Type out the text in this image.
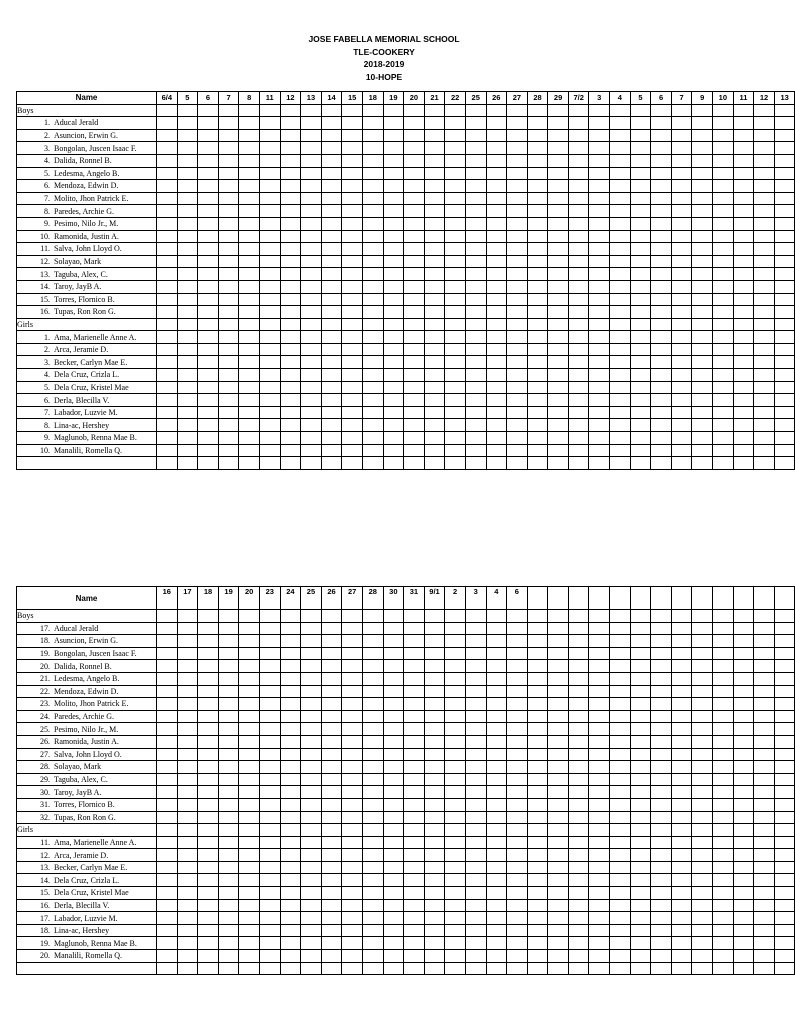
JOSE FABELLA MEMORIAL SCHOOL
TLE-COOKERY
2018-2019
10-HOPE
Name	6/4	5	6	7	8	11	12	13	14	15	18	19	20	21	22	25	26	27	28	29	7/2	3	4	5	6	7	9	10	11	12	13
Boys																															
1. Aducal Jerald																															
2. Asuncion, Erwin G.																															
3. Bongolan, Juscen Isaac F.																															
4. Dalida, Ronnel B.																															
5. Ledesma, Angelo B.																															
6. Mendoza, Edwin D.																															
7. Molito, Jhon Patrick E.																															
8. Paredes, Archie G.																															
9. Pesimo, Nilo Jr., M.																															
10. Ramonida, Justin A.																															
11. Salva, John Lloyd O.																															
12. Solayao, Mark																															
13. Taguba, Alex, C.																															
14. Taroy, JayB A.																															
15. Torres, Flornico B.																															
16. Tupas, Ron Ron G.																															
Girls																															
1. Ama, Marienelle Anne A.																															
2. Arca, Jeramie D.																															
3. Becker, Carlyn Mae E.																															
4. Dela Cruz, Crizla L.																															
5. Dela Cruz, Kristel Mae																															
6. Derla, Blecilla V.																															
7. Labador, Luzvie M.																															
8. Lina-ac, Hershey																															
9. Maglunob, Renna Mae B.																															
10. Manalili, Romella Q.																															

Name	16	17	18	19	20	23	24	25	26	27	28	30	31	9/1	2	3	4	6													
Boys																															
17. Aducal Jerald																															
18. Asuncion, Erwin G.																															
19. Bongolan, Juscen Isaac F.																															
20. Dalida, Ronnel B.																															
21. Ledesma, Angelo B.																															
22. Mendoza, Edwin D.																															
23. Molito, Jhon Patrick E.																															
24. Paredes, Archie G.																															
25. Pesimo, Nilo Jr., M.																															
26. Ramonida, Justin A.																															
27. Salva, John Lloyd O.																															
28. Solayao, Mark																															
29. Taguba, Alex, C.																															
30. Taroy, JayB A.																															
31. Torres, Flornico B.																															
32. Tupas, Ron Ron G.																															
Girls																															
11. Ama, Marienelle Anne A.																															
12. Arca, Jeramie D.																															
13. Becker, Carlyn Mae E.																															
14. Dela Cruz, Crizla L.																															
15. Dela Cruz, Kristel Mae																															
16. Derla, Blecilla V.																															
17. Labador, Luzvie M.																															
18. Lina-ac, Hershey																															
19. Maglunob, Renna Mae B.																															
20. Manalili, Romella Q.																															
